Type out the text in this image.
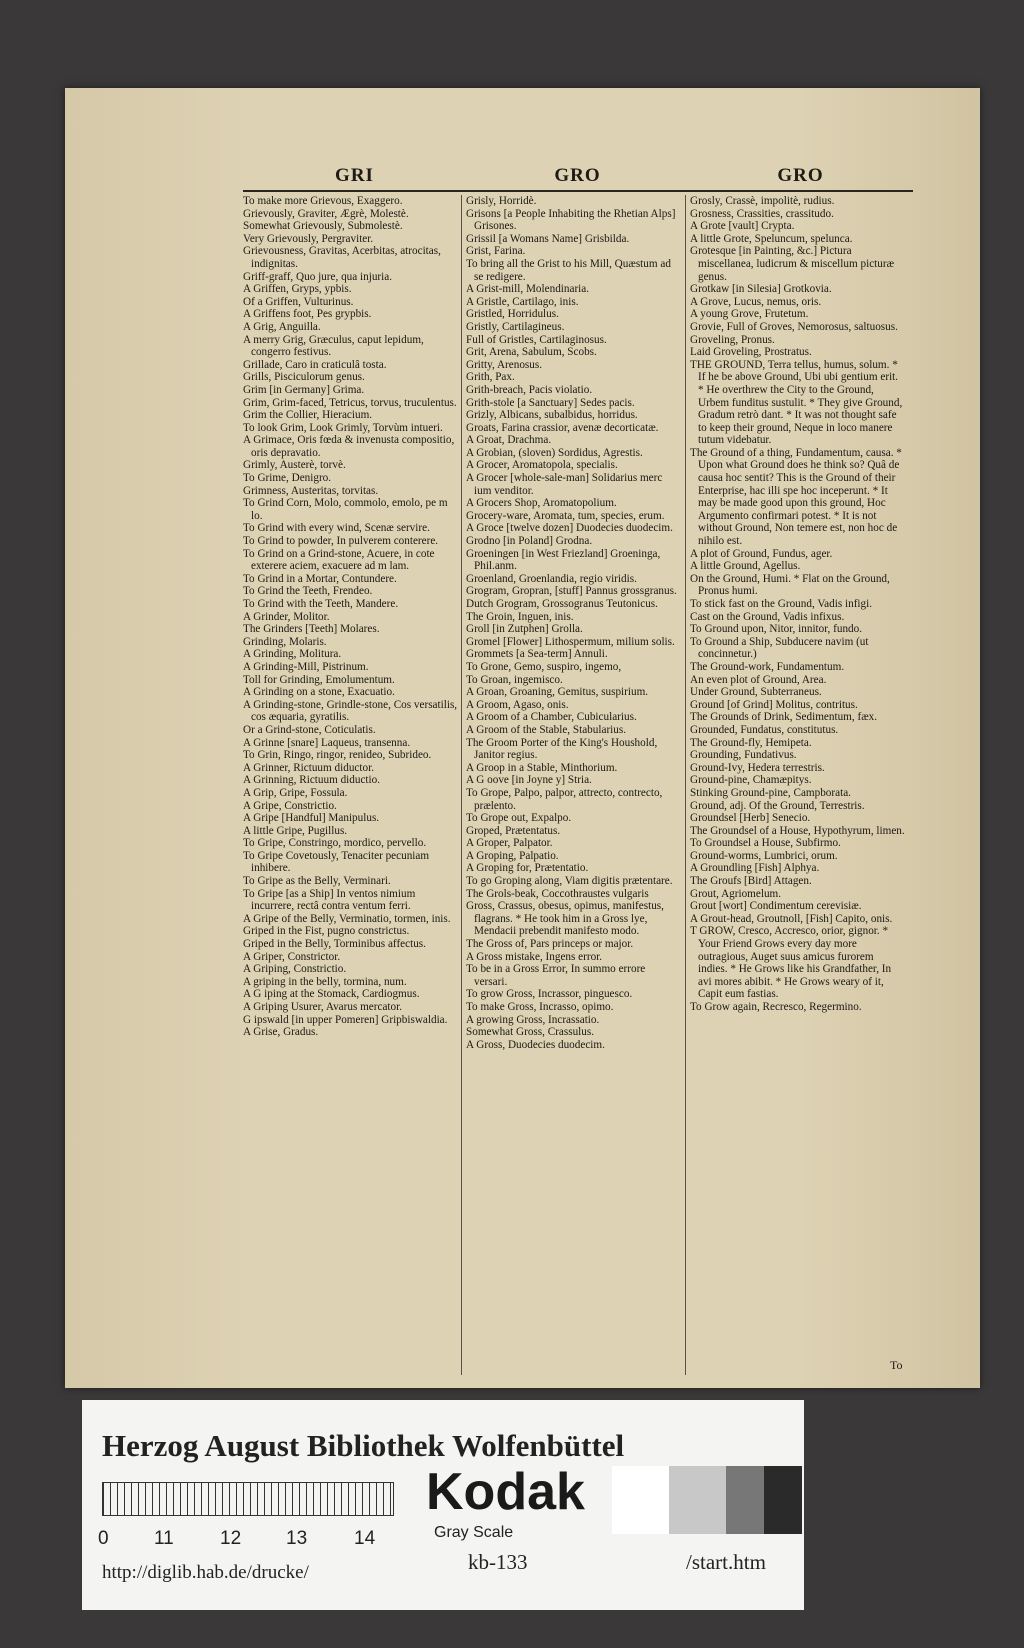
GRI	GRO	GRO
To make more Grievous, Exaggero.
Grievously, Graviter, Ægrè, Molestè.
Somewhat Grievously, Submolestè.
Very Grievously, Pergraviter.
Grievousness, Gravitas, Acerbitas, atrocitas, indignitas.
Griff-graff, Quo jure, qua injuria.
A Griffen, Gryps, ypbis.
Of a Griffen, Vulturinus.
A Griffens foot, Pes grypbis.
A Grig, Anguilla.
A merry Grig, Græculus, caput lepidum, congerro festivus.
Grillade, Caro in craticulâ tosta.
Grills, Pisciculorum genus.
Grim [in Germany] Grima.
Grim, Grim-faced, Tetricus, torvus, truculentus.
Grim the Collier, Hieracium.
To look Grim, Look Grimly, Torvùm intueri.
A Grimace, Oris fœda & invenusta compositio, oris depravatio.
Grimly, Austerè, torvè.
To Grime, Denigro.
Grimness, Austeritas, torvitas.
To Grind Corn, Molo, commolo, emolo, pe m lo.
To Grind with every wind, Scenæ servire.
To Grind to powder, In pulverem conterere.
To Grind on a Grind-stone, Acuere, in cote exterere aciem, exacuere ad m lam.
To Grind in a Mortar, Contundere.
To Grind the Teeth, Frendeo.
To Grind with the Teeth, Mandere.
A Grinder, Molitor.
The Grinders [Teeth] Molares.
Grinding, Molaris.
A Grinding, Molitura.
A Grinding-Mill, Pistrinum.
Toll for Grinding, Emolumentum.
A Grinding on a stone, Exacuatio.
A Grinding-stone, Grindle-stone, Cos versatilis, cos æquaria, gyratilis.
Or a Grind-stone, Coticulatis.
A Grinne [snare] Laqueus, transenna.
To Grin, Ringo, ringor, renideo, Subrideo.
A Grinner, Rictuum diductor.
A Grinning, Rictuum diductio.
A Grip, Gripe, Fossula.
A Gripe, Constrictio.
A Gripe [Handful] Manipulus.
A little Gripe, Pugillus.
To Gripe, Constringo, mordico, pervello.
To Gripe Covetously, Tenaciter pecuniam inhibere.
To Gripe as the Belly, Verminari.
To Gripe [as a Ship] In ventos nimium incurrere, rectâ contra ventum ferri.
A Gripe of the Belly, Verminatio, tormen, inis.
Griped in the Fist, pugno constrictus.
Griped in the Belly, Torminibus affectus.
A Griper, Constrictor.
A Griping, Constrictio.
A griping in the belly, tormina, num.
A G iping at the Stomack, Cardiogmus.
A Griping Usurer, Avarus mercator.
G ipswald [in upper Pomeren] Gripbiswaldia.
A Grise, Gradus.
Grisly, Horridè.
Grisons [a People Inhabiting the Rhetian Alps] Grisones.
Grissil [a Womans Name] Grisbilda.
Grist, Farina.
To bring all the Grist to his Mill, Quæstum ad se redigere.
A Grist-mill, Molendinaria.
A Gristle, Cartilago, inis.
Gristled, Horridulus.
Gristly, Cartilagineus.
Full of Gristles, Cartilaginosus.
Grit, Arena, Sabulum, Scobs.
Gritty, Arenosus.
Grith, Pax.
Grith-breach, Pacis violatio.
Grith-stole [a Sanctuary] Sedes pacis.
Grizly, Albicans, subalbidus, horridus.
Groats, Farina crassior, avenæ decorticatæ.
A Groat, Drachma.
A Grobian, (sloven) Sordidus, Agrestis.
A Grocer, Aromatopola, specialis.
A Grocer [whole-sale-man] Solidarius merc ium venditor.
A Grocers Shop, Aromatopolium.
Grocery-ware, Aromata, tum, species, erum.
A Groce [twelve dozen] Duodecies duodecim.
Grodno [in Poland] Grodna.
Groeningen [in West Friezland] Groeninga, Phil.anm.
Groenland, Groenlandia, regio viridis.
Grogram, Gropran, [stuff] Pannus grossgranus.
Dutch Grogram, Grossogranus Teutonicus.
The Groin, Inguen, inis.
Groll [in Zutphen] Grolla.
Gromel [Flower] Lithospermum, milium solis.
Grommets [a Sea-term] Annuli.
To Grone, Gemo, suspiro, ingemo,
To Groan, ingemisco.
A Groan, Groaning, Gemitus, suspirium.
A Groom, Agaso, onis.
A Groom of a Chamber, Cubicularius.
A Groom of the Stable, Stabularius.
The Groom Porter of the King's Houshold, Janitor regius.
A Groop in a Stable, Minthorium.
A G oove [in Joyne y] Stria.
To Grope, Palpo, palpor, attrecto, contrecto, prælento.
To Grope out, Expalpo.
Groped, Prætentatus.
A Groper, Palpator.
A Groping, Palpatio.
A Groping for, Prætentatio.
To go Groping along, Viam digitis prætentare.
The Grols-beak, Coccothraustes vulgaris
Gross, Crassus, obesus, opimus, manifestus, flagrans. * He took him in a Gross lye, Mendacii prebendit manifesto modo.
The Gross of, Pars princeps or major.
A Gross mistake, Ingens error.
To be in a Gross Error, In summo errore versari.
To grow Gross, Incrassor, pinguesco.
To make Gross, Incrasso, opimo.
A growing Gross, Incrassatio.
Somewhat Gross, Crassulus.
A Gross, Duodecies duodecim.
Grosly, Crassè, impolitè, rudius.
Grosness, Crassities, crassitudo.
A Grote [vault] Crypta.
A little Grote, Speluncum, spelunca.
Grotesque [in Painting, &c.] Pictura miscellanea, ludicrum & miscellum picturæ genus.
Grotkaw [in Silesia] Grotkovia.
A Grove, Lucus, nemus, oris.
A young Grove, Frutetum.
Grovie, Full of Groves, Nemorosus, saltuosus.
Groveling, Pronus.
Laid Groveling, Prostratus.
THE GROUND, Terra tellus, humus, solum. * If he be above Ground, Ubi ubi gentium erit. * He overthrew the City to the Ground, Urbem funditus sustulit. * They give Ground, Gradum retrò dant. * It was not thought safe to keep their ground, Neque in loco manere tutum videbatur.
The Ground of a thing, Fundamentum, causa. * Upon what Ground does he think so? Quâ de causa hoc sentit? This is the Ground of their Enterprise, hac illi spe hoc inceperunt. * It may be made good upon this ground, Hoc Argumento confirmari potest. * It is not without Ground, Non temere est, non hoc de nihilo est.
A plot of Ground, Fundus, ager.
A little Ground, Agellus.
On the Ground, Humi. * Flat on the Ground, Pronus humi.
To stick fast on the Ground, Vadis infigi.
Cast on the Ground, Vadis infixus.
To Ground upon, Nitor, innitor, fundo.
To Ground a Ship, Subducere navim (ut concinnetur.)
The Ground-work, Fundamentum.
An even plot of Ground, Area.
Under Ground, Subterraneus.
Ground [of Grind] Molitus, contritus.
The Grounds of Drink, Sedimentum, fæx.
Grounded, Fundatus, constitutus.
The Ground-fly, Hemipeta.
Grounding, Fundativus.
Ground-Ivy, Hedera terrestris.
Ground-pine, Chamæpitys.
Stinking Ground-pine, Campborata.
Ground, adj. Of the Ground, Terrestris.
Groundsel [Herb] Senecio.
The Groundsel of a House, Hypothyrum, limen.
To Groundsel a House, Subfirmo.
Ground-worms, Lumbrici, orum.
A Groundling [Fish] Alphya.
The Groufs [Bird] Attagen.
Grout, Agriomelum.
Grout [wort] Condimentum cerevisiæ.
A Grout-head, Groutnoll, [Fish] Capito, onis.
T GROW, Cresco, Accresco, orior, gignor. * Your Friend Grows every day more outragious, Auget suus amicus furorem indies. * He Grows like his Grandfather, In avi mores abibit. * He Grows weary of it, Capit eum fastias.
To Grow again, Recresco, Regermino.
To
Herzog August Bibliothek Wolfenbüttel
0 11 12 13 14
Kodak
Gray Scale
kb-133
http://diglib.hab.de/drucke/	/start.htm
